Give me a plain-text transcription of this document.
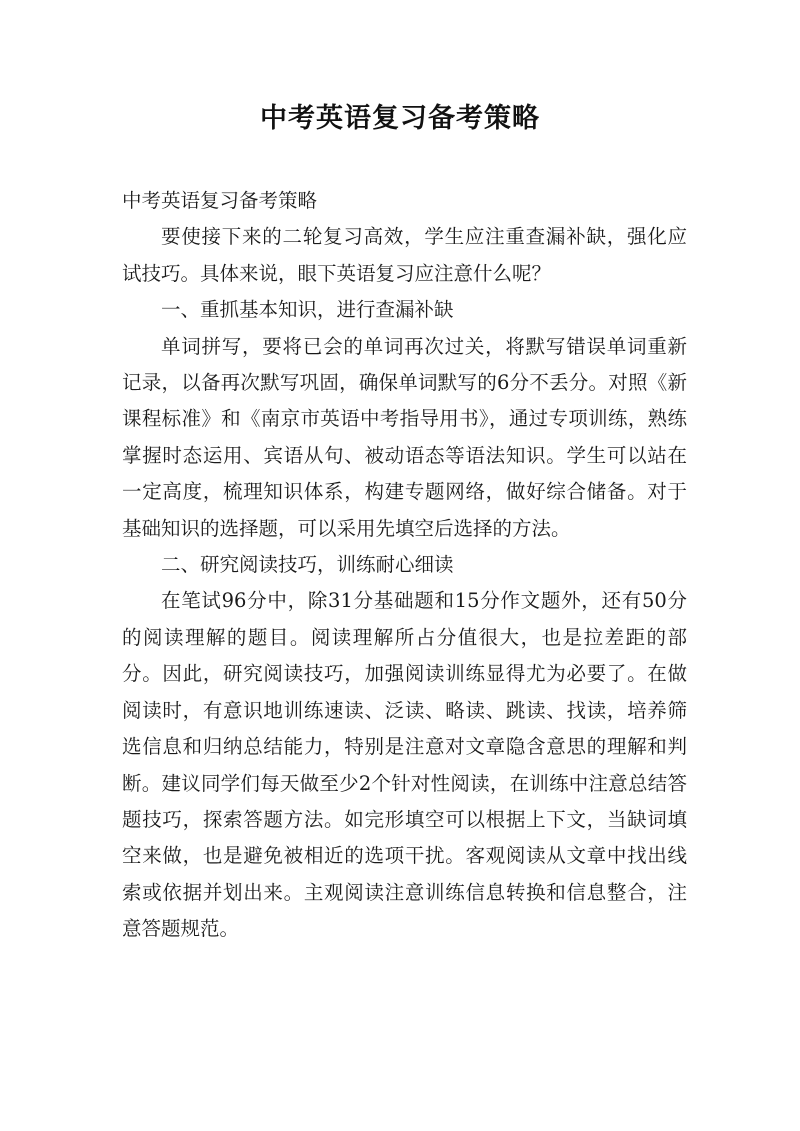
中考英语复习备考策略

中考英语复习备考策略

要使接下来的二轮复习高效，学生应注重查漏补缺，强化应试技巧。具体来说，眼下英语复习应注意什么呢？

一、重抓基本知识，进行查漏补缺

单词拼写，要将已会的单词再次过关，将默写错误单词重新记录，以备再次默写巩固，确保单词默写的6分不丢分。对照《新课程标准》和《南京市英语中考指导用书》，通过专项训练，熟练掌握时态运用、宾语从句、被动语态等语法知识。学生可以站在一定高度，梳理知识体系，构建专题网络，做好综合储备。对于基础知识的选择题，可以采用先填空后选择的方法。

二、研究阅读技巧，训练耐心细读

在笔试96分中，除31分基础题和15分作文题外，还有50分的阅读理解的题目。阅读理解所占分值很大，也是拉差距的部分。因此，研究阅读技巧，加强阅读训练显得尤为必要了。在做阅读时，有意识地训练速读、泛读、略读、跳读、找读，培养筛选信息和归纳总结能力，特别是注意对文章隐含意思的理解和判断。建议同学们每天做至少2个针对性阅读，在训练中注意总结答题技巧，探索答题方法。如完形填空可以根据上下文，当缺词填空来做，也是避免被相近的选项干扰。客观阅读从文章中找出线索或依据并划出来。主观阅读注意训练信息转换和信息整合，注意答题规范。
